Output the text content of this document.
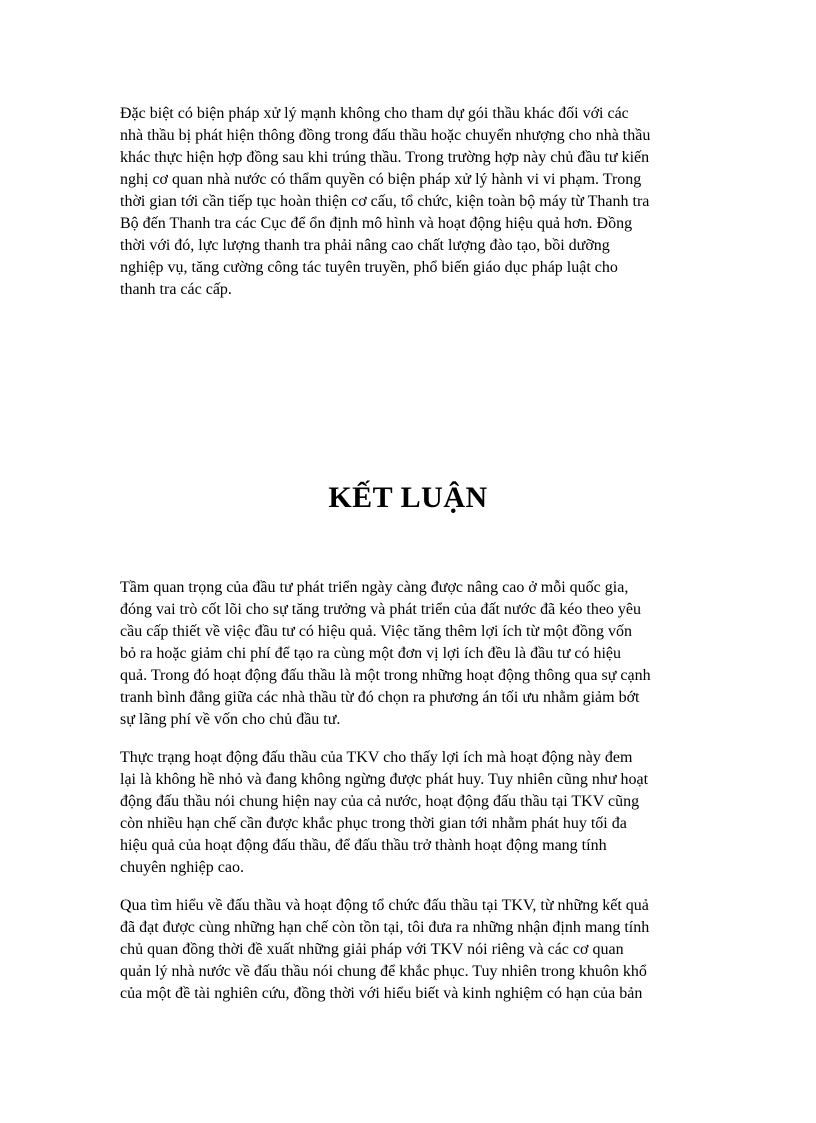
Đặc biệt có biện pháp xử lý mạnh không cho tham dự gói thầu khác đối với các
nhà thầu bị phát hiện thông đồng trong đấu thầu hoặc chuyển nhượng cho nhà thầu
khác thực hiện hợp đồng sau khi trúng thầu. Trong trường hợp này chủ đầu tư kiến
nghị cơ quan nhà nước có thẩm quyền có biện pháp xử lý hành vi vi phạm. Trong
thời gian tới cần tiếp tục hoàn thiện cơ cấu, tổ chức, kiện toàn bộ máy từ Thanh tra
Bộ đến Thanh tra các Cục để ổn định mô hình và hoạt động hiệu quả hơn. Đồng
thời với đó, lực lượng thanh tra phải nâng cao chất lượng đào tạo, bồi dưỡng
nghiệp vụ, tăng cường công tác tuyên truyền, phổ biến giáo dục pháp luật cho
thanh tra các cấp.

KẾT LUẬN

Tầm quan trọng của đầu tư phát triển ngày càng được nâng cao ở mỗi quốc gia,
đóng vai trò cốt lõi cho sự tăng trưởng và phát triển của đất nước đã kéo theo yêu
cầu cấp thiết về việc đầu tư có hiệu quả. Việc tăng thêm lợi ích từ một đồng vốn
bỏ ra hoặc giảm chi phí để tạo ra cùng một đơn vị lợi ích đều là đầu tư có hiệu
quả. Trong đó hoạt động đấu thầu là một trong những hoạt động thông qua sự cạnh
tranh bình đẳng giữa các nhà thầu từ đó chọn ra phương án tối ưu nhằm giảm bớt
sự lãng phí về vốn cho chủ đầu tư.

Thực trạng hoạt động đấu thầu của TKV cho thấy lợi ích mà hoạt động này đem
lại là không hề nhỏ và đang không ngừng được phát huy. Tuy nhiên cũng như hoạt
động đấu thầu nói chung hiện nay của cả nước, hoạt động đấu thầu tại TKV cũng
còn nhiều hạn chế cần được khắc phục trong thời gian tới nhằm phát huy tối đa
hiệu quả của hoạt động đấu thầu, để đấu thầu trở thành hoạt động mang tính
chuyên nghiệp cao.

Qua tìm hiểu về đấu thầu và hoạt động tổ chức đấu thầu tại TKV, từ những kết quả
đã đạt được cùng những hạn chế còn tồn tại, tôi đưa ra những nhận định mang tính
chủ quan đồng thời đề xuất những giải pháp với TKV nói riêng và các cơ quan
quản lý nhà nước về đấu thầu nói chung để khắc phục. Tuy nhiên trong khuôn khổ
của một đề tài nghiên cứu, đồng thời với hiểu biết và kinh nghiệm có hạn của bản
